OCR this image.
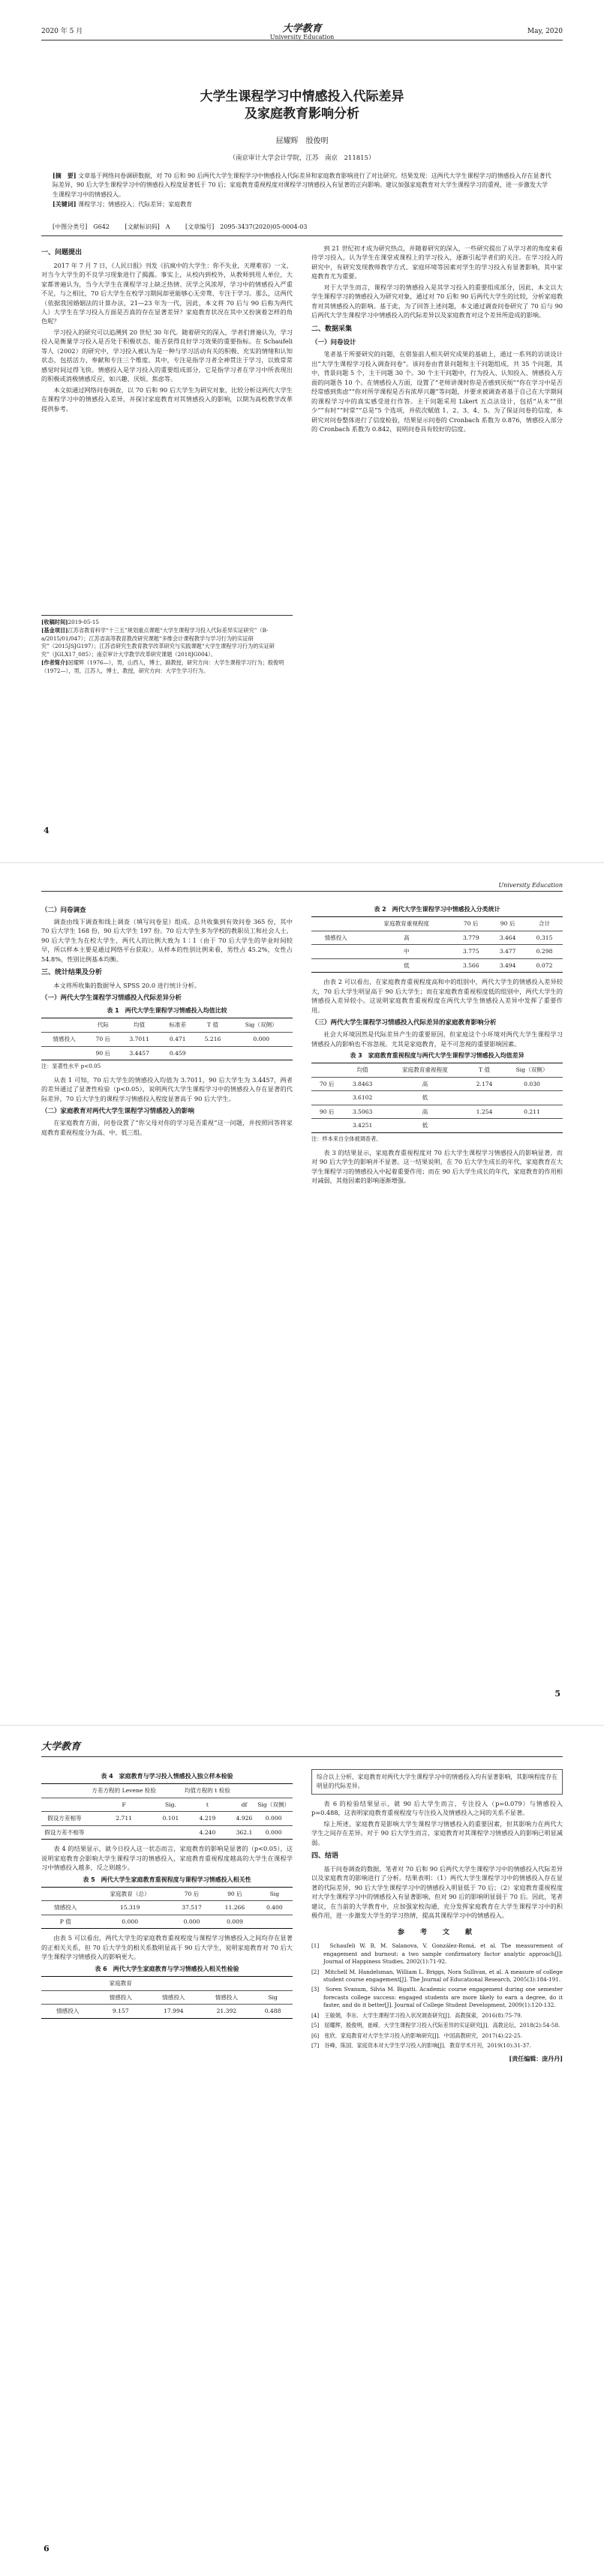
2020 年 5 月	大学教育
University Education
May, 2020
大学生课程学习中情感投入代际差异
及家庭教育影响分析
屈耀辉　殷俊明
（南京审计大学会计学院，江苏　南京　211815）
[摘　要] 文章基于网络问卷调研数据，对 70 后和 90 后两代大学生课程学习中情感投入代际差异和家庭教育影响进行了对比研究。结果发现：这两代大学生课程学习的情感投入存在显著代际差异，90 后大学生课程学习中的情感投入程度显著低于 70 后；家庭教育重视程度对课程学习情感投入有显著的正向影响。建议加强家庭教育对大学生课程学习的重视，进一步激发大学生课程学习中的情感投入。
[关键词] 课程学习；情感投入；代际差异；家庭教育
[中图分类号]　G642	[文献标识码]　A	[文章编号]　2095-3437(2020)05-0004-03
一、问题提出

2017 年 7 月 7 日，《人民日报》刊发《抗疯中的大学生：你不失业，天理难容》一文，对当今大学生的不良学习现象进行了揭露。事实上，从校内到校外，从教师到用人单位，大家都普遍认为，当今大学生在课程学习上缺乏热情、厌学之风浓厚，学习中的情感投入严重不足，与之相比，70 后大学生在校学习期间却更能够心无旁骛、专注于学习。那么，这两代（依据我国婚姻法的计算办法，21—23 年为一代，因此，本文将 70 后与 90 后称为两代人）大学生在学习投入方面是否真的存在显著差异？家庭教育状况在其中又扮演着怎样的角色呢？

学习投入的研究可以追溯到 20 世纪 30 年代。随着研究的深入，学者们普遍认为，学习投入是衡量学习投入是否处于积极状态、能否获得良好学习效果的重要指标。在 Schaufeli 等人（2002）的研究中，学习投入被认为是一种与学习活动有关的积极、充实的情绪和认知状态，包括活力、奉献和专注三个维度。其中，专注是指学习者全神贯注于学习，以致常常感觉时间过得飞快。情感投入是学习投入的重要组成部分，它是指学习者在学习中所表现出的积极或消极情感反应，如兴趣、厌烦、焦虑等。

本文拟通过网络问卷调查，以 70 后和 90 后大学生为研究对象，比较分析这两代大学生在课程学习中的情感投入差异，并探讨家庭教育对其情感投入的影响，以期为高校教学改革提供参考。

到 21 世纪初才成为研究热点，并随着研究的深入，一些研究提出了从学习者的角度来看待学习投入，认为学生在课堂或课程上的学习投入，逐渐引起学者们的关注。在学习投入的研究中，有研究发现教师教学方式、家庭环境等因素对学生的学习投入有显著影响，其中家庭教育尤为重要。

对于大学生而言，课程学习的情感投入是其学习投入的重要组成部分，因此，本文以大学生课程学习的情感投入为研究对象，通过对 70 后和 90 后两代大学生的比较，分析家庭教育对其情感投入的影响。基于此，为了回答上述问题，本文通过调查问卷研究了 70 后与 90 后两代大学生课程学习中情感投入的代际差异以及家庭教育对这个差异所造成的影响。

二、数据采集
（一）问卷设计

笔者基于所要研究的问题，在借鉴前人相关研究成果的基础上，通过一系列的访谈设计出“大学生课程学习投入调查问卷”。该问卷由背景问题和主干问题组成，共 35 个问题，其中，背景问题 5 个，主干问题 30 个。30 个主干问题中，行为投入、认知投入、情感投入方面的问题各 10 个。在情感投入方面，设置了“老师讲课时你是否感到厌烦”“你在学习中是否经常感到焦虑”“你对所学课程是否有浓厚兴趣”等问题，并要求被调查者基于自己在大学期间的课程学习中的真实感受进行作答。主干问题采用 Likert 五点法设计，包括“从未”“很少”“有时”“时常”“总是”5 个选项，并依次赋值 1、2、3、4、5。为了保证问卷的信度，本研究对问卷整体进行了信度检验，结果显示问卷的 Cronbach 系数为 0.876，情感投入部分的 Cronbach 系数为 0.842，说明问卷具有较好的信度。

[收稿时间]2019-05-15
[基金项目]江苏省教育科学“十三五”规划重点课题“大学生课程学习投入代际差异实证研究”（B-a/2015/01/047）；江苏省高等教育教改研究课题“多维会计课程教学与学习行为的实证研究”（2015JSJG197）；江苏省研究生教育教学改革研究与实践课题“大学生课程学习行为的实证研究”（JGLX17_085）；南京审计大学教学改革研究课题（2018JG004）。
[作者简介]屈耀辉（1976—），男，山西人，博士，副教授，研究方向：大学生课程学习行为；殷俊明（1972—），男，江苏人，博士，教授，研究方向：大学生学习行为。
4
University Education
（二）问卷调查

调查由线下调查和线上调查（填写问卷星）组成。总共收集到有效问卷 365 份，其中 70 后大学生 168 份，90 后大学生 197 份。70 后大学生多为学校的教职员工和社会人士，90 后大学生为在校大学生，两代人的比例大致为 1∶1（由于 70 后大学生的毕业时间较早，所以样本主要是通过网络平台获取）。从样本的性别比例来看，男性占 45.2%，女性占 54.8%，性别比例基本均衡。

三、统计结果及分析

本文将所收集的数据导入 SPSS 20.0 进行统计分析。

（一）两代大学生课程学习情感投入代际差异分析
表 1　两代大学生课程学习情感投入均值比较
	代际	均值	标准差	T 值	Sig（双侧）
情感投入	70 后	3.7011	0.471	5.216	0.000
	90 后	3.4457	0.459		
注：显著性水平 p<0.05

从表 1 可知，70 后大学生的情感投入均值为 3.7011，90 后大学生为 3.4457，两者的差异通过了显著性检验（p<0.05），说明两代大学生课程学习中的情感投入存在显著的代际差异，70 后大学生的课程学习情感投入程度显著高于 90 后大学生。

（二）家庭教育对两代大学生课程学习情感投入的影响

在家庭教育方面，问卷设置了“你父母对你的学习是否重视”这一问题，并按照回答将家庭教育重视程度分为高、中、低三组。

表 2　两代大学生课程学习中情感投入分类统计
	家庭教育重视程度	70 后	90 后	合计
情感投入	高	3.779	3.464	0.315
	中	3.775	3.477	0.298
	低	3.566	3.494	0.072

由表 2 可以看出，在家庭教育重视程度高和中的组别中，两代大学生的情感投入差异较大，70 后大学生明显高于 90 后大学生；而在家庭教育重视程度低的组别中，两代大学生的情感投入差异较小。这说明家庭教育重视程度在两代大学生情感投入差异中发挥了重要作用。

（三）两代大学生课程学习情感投入代际差异的家庭教育影响分析

社会大环境因然是代际差异产生的重要原因，但家庭这个小环境对两代大学生课程学习情感投入的影响也不容忽视。尤其是家庭教育，是不可忽视的重要影响因素。

表 3　家庭教育重视程度与两代大学生课程学习情感投入均值差异
	均值	家庭教育重视程度	T 值	Sig（双侧）
70 后	3.8463	高	2.174	0.030
	3.6102	低		
90 后	3.5063	高	1.254	0.211
	3.4251	低		
注：样本来自全体被调查者。

表 3 的结果显示，家庭教育重视程度对 70 后大学生课程学习情感投入的影响显著，而对 90 后大学生的影响并不显著。这一结果说明，在 70 后大学生成长的年代，家庭教育在大学生课程学习的情感投入中起着重要作用；而在 90 后大学生成长的年代，家庭教育的作用相对减弱，其他因素的影响逐渐增强。

5
大学教育
表 4　家庭教育与学习投入情感投入独立样本检验
	方差方程的 Levene 检验		均值方程的 t 检验		
	F	Sig.	t	df	Sig（双侧）
假设方差相等	2.711	0.101	4.219	4.926	0.000
假设方差不相等			4.240	362.1	0.000

表 4 的结果显示，就今日投入这一状态而言，家庭教育的影响是显著的（p<0.05），这说明家庭教育会影响大学生课程学习的情感投入，家庭教育重视程度越高的大学生在课程学习中情感投入越多，反之则越少。

表 5　两代大学生家庭教育重视程度与课程学习情感投入相关性
	家庭教育（总）	70 后	90 后	Sig
情感投入	15.319	37.517	11.266	0.400
P 值	0.000	0.000	0.009	

由表 5 可以看出，两代大学生的家庭教育重视程度与课程学习情感投入之间均存在显著的正相关关系，但 70 后大学生的相关系数明显高于 90 后大学生，说明家庭教育对 70 后大学生课程学习情感投入的影响更大。

表 6　两代大学生家庭教育与学习情感投入相关性检验
	家庭教育			
	情感投入	情感投入	情感投入	Sig
情感投入	9.157	17.994	21.392	0.488
综合以上分析，家庭教育对两代大学生课程学习中的情感投入均有显著影响，其影响程度存在明显的代际差异。

表 6 的检验结果显示，就 90 后大学生而言，专注投入（p=0.079）与情感投入 p=0.488，这表明家庭教育重视程度与专注投入及情感投入之间的关系不显著。

综上所述，家庭教育是影响大学生课程学习情感投入的重要因素，但其影响力在两代大学生之间存在差异。对于 90 后大学生而言，家庭教育对其课程学习情感投入的影响已明显减弱。

四、结语

基于问卷调查的数据，笔者对 70 后和 90 后两代大学生课程学习中的情感投入代际差异以及家庭教育的影响进行了分析。结果表明：（1）两代大学生课程学习中的情感投入存在显著的代际差异，90 后大学生课程学习中的情感投入明显低于 70 后；（2）家庭教育重视程度对大学生课程学习中的情感投入有显著影响，但对 90 后的影响明显弱于 70 后。因此，笔者建议，在当前的大学教育中，应加强家校沟通，充分发挥家庭教育在大学生课程学习中的积极作用，进一步激发大学生的学习热情，提高其课程学习中的情感投入。

参　考　文　献
[1]　Schaufeli W. B, M. Salanova, V. González-Romá, et al. The measurement of engagement and burnout: a two sample confirmatory factor analytic approach[J]. Journal of Happiness Studies, 2002(1):71-92.
[2]　Mitchell M. Handelsman, William L. Briggs, Nora Sullivan, et al. A measure of college student course engagement[J]. The Journal of Educational Research, 2005(3):184-191.
[3]　Soren Svanum, Silvia M. Bigatti. Academic course engagement during one semester forecasts college success: engaged students are more likely to earn a degree, do it faster, and do it better[J]. Journal of College Student Development, 2009(1):120-132.
[4]　王敏娟，李东．大学生课程学习投入状况调查研究[J]．高教探索，2016(8):75-79.
[5]　屈耀辉，殷俊明，崔嵘．大学生课程学习投入代际差异的实证研究[J]．高教论坛，2018(2):54-58.
[6]　张欣．家庭教育对大学生学习投入的影响研究[J]．中国高教研究，2017(4):22-25.
[7]　谷峰，陈国．家庭资本对大学生学习投入的影响[J]．教育学术月刊，2019(10):31-37.
[责任编辑：庞丹丹]
6
